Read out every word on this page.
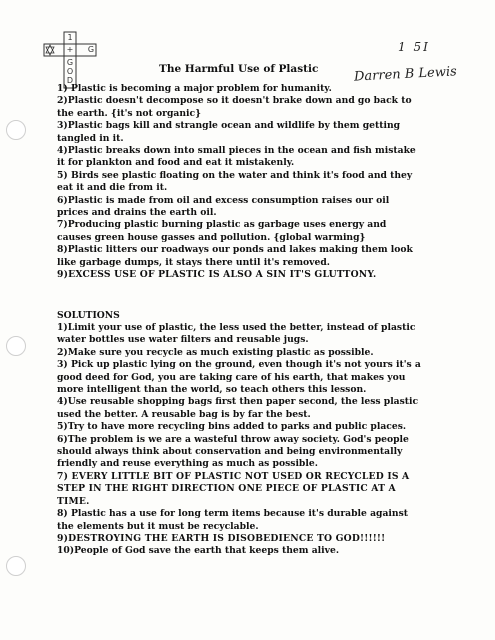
1
G
+
G
O
D
1 5I
Darren B Lewis
The Harmful Use of Plastic
1) Plastic is becoming a major problem for humanity.
2)Plastic doesn't decompose so it doesn't brake down and go back to
the earth. {it's not organic}
3)Plastic bags kill and strangle ocean and wildlife by them getting
tangled in it.
4)Plastic breaks down into small pieces in the ocean and fish mistake
it for plankton and food and eat it mistakenly.
5) Birds see plastic floating on the water and think it's food and they
eat it and die from it.
6)Plastic is made from oil and excess consumption raises our oil
prices and drains the earth oil.
7)Producing plastic burning plastic as garbage uses energy and
causes green house gasses and pollution. {global warming}
8)Plastic litters our roadways our ponds and lakes making them look
like garbage dumps, it stays there until it's removed.
9)EXCESS USE OF PLASTIC IS ALSO A SIN IT'S GLUTTONY.
SOLUTIONS
1)Limit your use of plastic, the less used the better, instead of plastic
water bottles use water filters and reusable jugs.
2)Make sure you recycle as much existing plastic as possible.
3) Pick up plastic lying on the ground, even though it's not yours it's a
good deed for God, you are taking care of his earth, that makes you
more intelligent than the world, so teach others this lesson.
4)Use reusable shopping bags first then paper second, the less plastic
used the better. A reusable bag is by far the best.
5)Try to have more recycling bins added to parks and public places.
6)The problem is we are a wasteful throw away society. God's people
should always think about conservation and being environmentally
friendly and reuse everything as much as possible.
7) EVERY LITTLE BIT OF PLASTIC NOT USED OR RECYCLED IS A
STEP IN THE RIGHT DIRECTION ONE PIECE OF PLASTIC AT A
TIME.
8) Plastic has a use for long term items because it's durable against
the elements but it must be recyclable.
9)DESTROYING THE EARTH IS DISOBEDIENCE TO GOD!!!!!!
10)People of God save the earth that keeps them alive.
